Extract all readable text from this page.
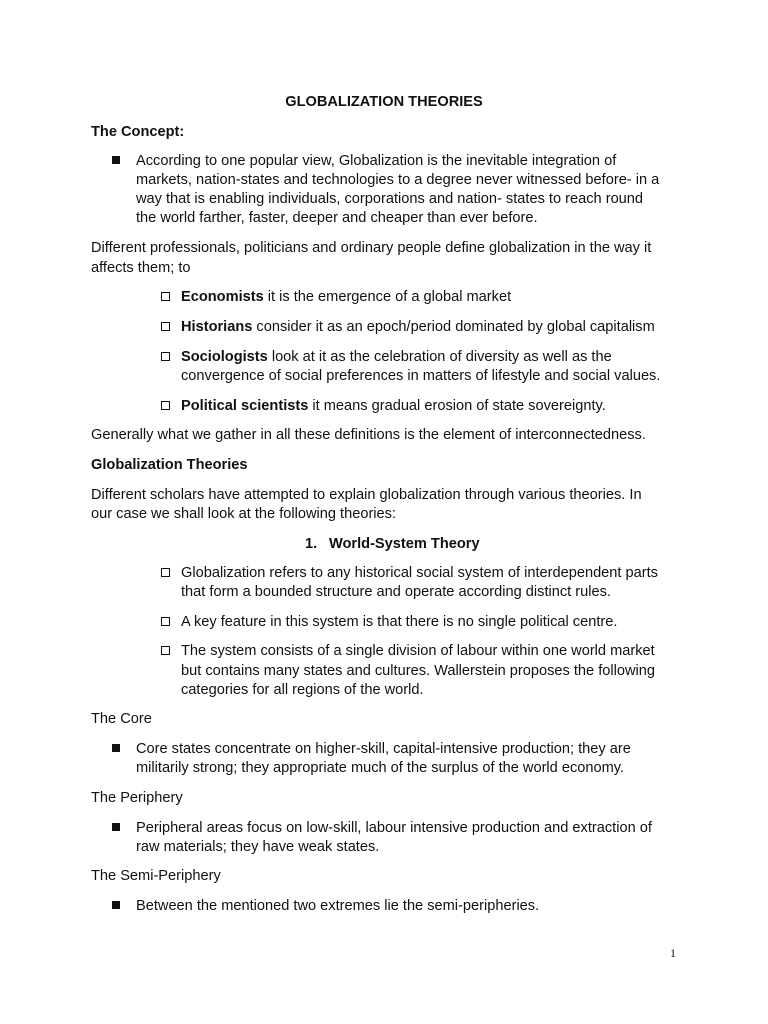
GLOBALIZATION THEORIES
The Concept:
According to one popular view, Globalization is the inevitable integration of
markets, nation-states and technologies to a degree never witnessed before- in a
way that is enabling individuals, corporations and nation- states to reach round
the world farther, faster, deeper and cheaper than ever before.
Different professionals, politicians and ordinary people define globalization in the way it
affects them; to
Economists it is the emergence of a global market
Historians consider it as an epoch/period dominated by global capitalism
Sociologists look at it as the celebration of diversity as well as the
convergence of social preferences in matters of lifestyle and social values.
Political scientists it means gradual erosion of state sovereignty.
Generally what we gather in all these definitions is the element of interconnectedness.
Globalization Theories
Different scholars have attempted to explain globalization through various theories. In
our case we shall look at the following theories:
1. World-System Theory
Globalization refers to any historical social system of interdependent parts
that form a bounded structure and operate according distinct rules.
A key feature in this system is that there is no single political centre.
The system consists of a single division of labour within one world market
but contains many states and cultures. Wallerstein proposes the following
categories for all regions of the world.
The Core
Core states concentrate on higher-skill, capital-intensive production; they are
militarily strong; they appropriate much of the surplus of the world economy.
The Periphery
Peripheral areas focus on low-skill, labour intensive production and extraction of
raw materials; they have weak states.
The Semi-Periphery
Between the mentioned two extremes lie the semi-peripheries.
1
